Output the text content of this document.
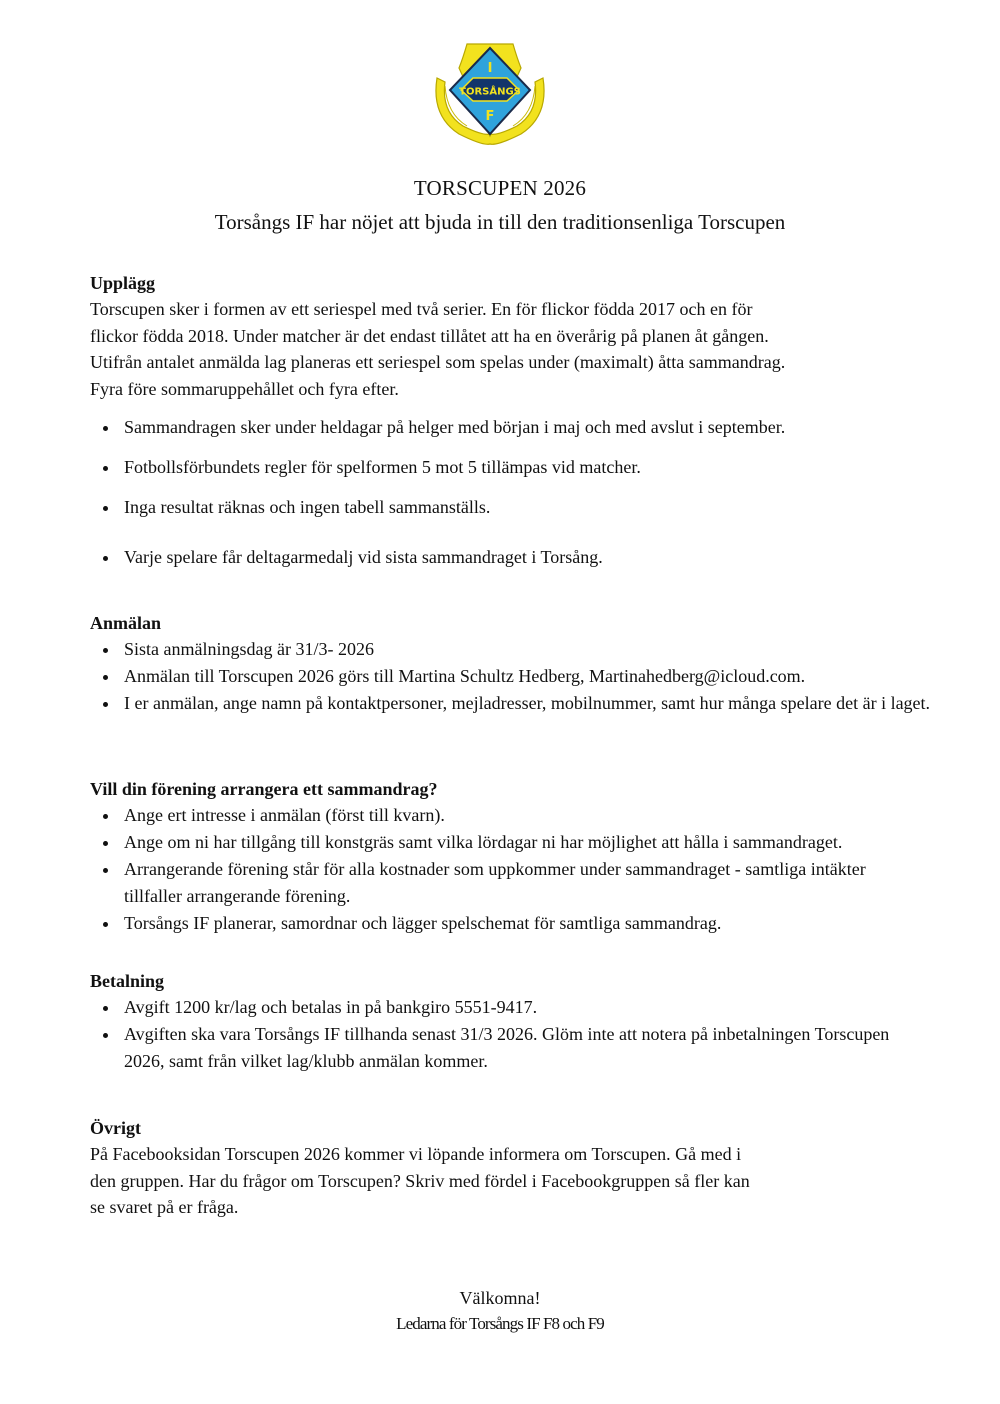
TORSÅNGS
I
F
TORSCUPEN 2026
Torsångs IF har nöjet att bjuda in till den traditionsenliga Torscupen

Upplägg

Torscupen sker i formen av ett seriespel med två serier. En för flickor födda 2017 och en för

flickor födda 2018. Under matcher är det endast tillåtet att ha en överårig på planen åt gången.

Utifrån antalet anmälda lag planeras ett seriespel som spelas under (maximalt) åtta sammandrag.

Fyra före sommaruppehållet och fyra efter.

Sammandragen sker under heldagar på helger med början i maj och med avslut i september.
Fotbollsförbundets regler för spelformen 5 mot 5 tillämpas vid matcher.
Inga resultat räknas och ingen tabell sammanställs.
Varje spelare får deltagarmedalj vid sista sammandraget i Torsång.

Anmälan

Sista anmälningsdag är 31/3- 2026
Anmälan till Torscupen 2026 görs till Martina Schultz Hedberg, Martinahedberg@icloud.com.
I er anmälan, ange namn på kontaktpersoner, mejladresser, mobilnummer, samt hur många spelare det är i laget.

Vill din förening arrangera ett sammandrag?

Ange ert intresse i anmälan (först till kvarn).
Ange om ni har tillgång till konstgräs samt vilka lördagar ni har möjlighet att hålla i sammandraget.
Arrangerande förening står för alla kostnader som uppkommer under sammandraget - samtliga intäkter tillfaller arrangerande förening.
Torsångs IF planerar, samordnar och lägger spelschemat för samtliga sammandrag.

Betalning

Avgift 1200 kr/lag och betalas in på bankgiro 5551-9417.
Avgiften ska vara Torsångs IF tillhanda senast 31/3 2026. Glöm inte att notera på inbetalningen Torscupen 2026, samt från vilket lag/klubb anmälan kommer.

Övrigt

På Facebooksidan Torscupen 2026 kommer vi löpande informera om Torscupen. Gå med i

den gruppen. Har du frågor om Torscupen? Skriv med fördel i Facebookgruppen så fler kan

se svaret på er fråga.

Välkomna!
Ledarna för Torsångs IF F8 och F9
